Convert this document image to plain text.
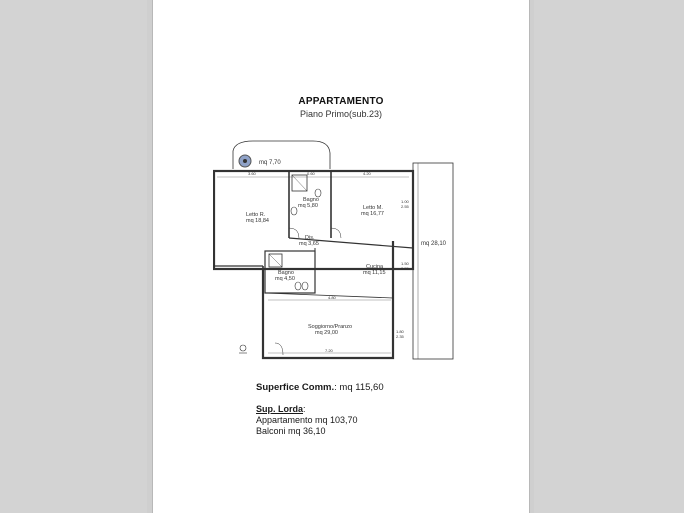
APPARTAMENTO
Piano Primo(sub.23)
mq 7,70
mq 28,10
Letto R.
mq 18,84
Bagno
mq 5,80	Letto M.
mq 16,77
Dis.
mq 3,65
Bagno
mq 4,50
Cucina
mq 11,15
Soggiorno/Pranzo
mq 29,00
1.00
2.55
1.50
2.55
1.80
2.35
3.60	4.20
0.60
4.80
7.20
Superfice Comm.: mq 115,60
Sup. Lorda:
Appartamento mq 103,70
Balconi mq 36,10
